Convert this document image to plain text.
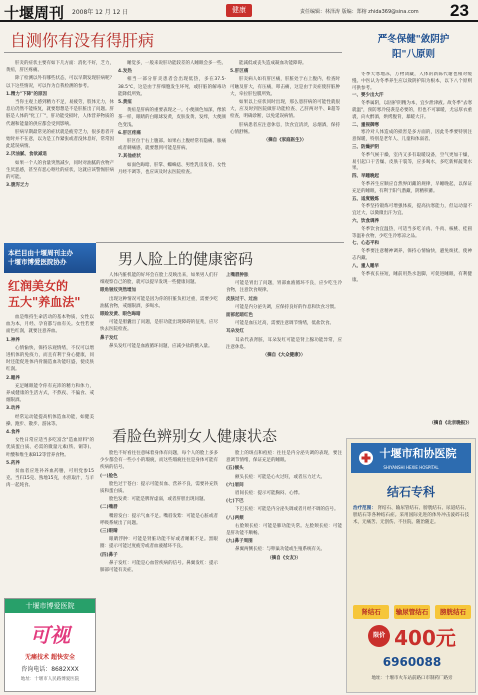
十堰周刊 2008年 12 月 12 日	健康	责任编辑：林泽涛 版编：郑榕 zhida369@sina.com 23
自测你有没有得肝病

肝炎的症状主要有如下几方面：消化不好，乏力，黄疸，肝区疼痛。

除了检测以外有哪些状态，可以早期发现肝病呢？以下这些情况，可以作为自我检测的参考。

1.精力"下降"的原因

当你主观上感到精力不足，易疲劳，肢体无力，休息后仍然不能恢复，就要想想是不是肝脏出了问题。肝脏是人体的"化工厂"，肝功能受损时，人体营养物质的代谢和能量的供应都会受到影响。

肝病早期最常见的症状就是疲劳乏力，很多患者开始时并不在意，以为是工作紧张或者没休息好，常常因此延误病情。

2.厌油腻、食欲减退

如果一个人的食量突然减少，同时对油腻的食物产生厌恶感，甚至有恶心呕吐的症状，这就应该警惕肝病的可能。

3.腹泻乏力

睡觉多，一般来说肝功能较差的人睡眠会多一些。

4.发热

相当一部分肝炎患者会出现低热，多在37.5-38.5℃，这是由于肝细胞发生坏死，或肝脏的解毒功能降低所致。

5.黄疸

黄疸是肝病的重要表现之一。小便颜色加深，像浓茶一样，眼睛的白眼球发黄，皮肤发黄、发痒，大便颜色变浅。

6.肝区疼痛

肝区位于右上腹部。如果右上腹经常有隐痛、胀痛或者刺痛感，就要想到可能是肝病。

7.其他症状

如面色晦暗、肝掌、蜘蛛痣、男性乳房发育、女性月经不调等，也应该及时去医院检查。

能减低或丧失造成凝血功能障碍。

5.肝区痛

肝炎病人如有肝区痛，肝脏处于右上腹内，检查时可触及肝大，有压痛，叩击痛，这是由于炎症使肝脏肿大，牵拉肝包膜所致。

如果以上症状同时出现，那么患肝病的可能性就很大，应及时到医院做肝功能检查、乙肝两对半、B超等检查，明确诊断，以免延误病情。

肝病患者应注意休息，饮食宜清淡，忌烟酒，保持心情舒畅。

（摘自《家庭医生》）

严冬保健"敛阴护
阳"八原则

冬季天寒地冻，万物闭藏，人体的新陈代谢也相对缓慢。中医认为冬季养生应以敛阴护阳为根本，以下八个原则可供参考。

一、要少出大汗

冬季属阴，以固护阴精为本，宜少泄津液。故冬季"去寒就温"，预防寒冷侵袭是必要的，但也不可暴暖，尤忌厚衣重裘，向火醉酒，烘烤腹背，暴暖大汗。

二、重视御寒

寒冷对人体造成的损害是多方面的，因此冬季要特别注意保暖，特别是老年人、儿童和体弱者。

三、防燥护阴

冬季气候干燥，室内又多有取暖设备，空气更加干燥，易引起口干舌燥、皮肤干裂等，应多喝水，多吃新鲜蔬菜水果。

四、早睡晚起

冬季养生应顺应自然界闭藏的规律，早睡晚起，以保证充足的睡眠，有利于阳气潜藏，阴精积蓄。

五、适度锻炼

冬季坚持锻炼可增强体质，提高抗寒能力，但运动量不宜过大，以微微出汗为宜。

六、饮食调养

冬季饮食宜温热，可适当多吃羊肉、牛肉、核桃、桂圆等温补食物，少吃生冷寒凉之品。

七、心态平和

冬季要注意精神调养，保持心情愉快，避免烦扰，使神志内藏。

八、重人睡早

冬季夜长昼短，睡前用热水泡脚，可促进睡眠，有利健康。

（摘自《北京晚报》）
本栏目由十堰周刊主办
十堰市博爱医院协办
红润美女的
五大"养血法"

血是维持生命活动的基本物质，女性以血为本，月经、孕育都与血有关。女性若要面色红润，就要注意养血。

1.神养

心情愉快，保持乐观情绪，不仅可以增进机体的免疫力，而且有利于身心健康，同时还能促进体内骨髓造血功能旺盛，使皮肤红润。

2.睡养

充足睡眠能令你有充沛的精力和体力，养成健康的生活方式，不熬夜、不偏食、戒烟限酒。

3.动养

经常运动能提高机体造血功能，如健美操、跑步、散步、游泳等。

4.食养

女性日常应适当多吃富含"造血原料"的优质蛋白质、必需的微量元素(铁、铜等)、叶酸和维生素B12等营养食物。

5.药养

贫血者应进补养血药膳，可用党参15克、当归15克、熟地15克，水煎取汁，与羊肉一起炖食。

男人脸上的健康密码

人体内脏机能的好坏会在脸上反映出来，如果男人们仔细观察自己的脸，就可以提早发现一些健康问题。

眼角皱纹突然增加

出现这种情况可能是因为你的肝脏负担过重，需要少吃油腻食物，戒烟限酒，多喝水。

眼睑发黄、眼色晦暗

可能是胆囊出了问题，是肝功能出现障碍的征兆，应尽快去医院检查。

鼻子发红

鼻头发红可能是血液循环问题，应减少盐的摄入量。

上嘴唇肿胀

可能是胃出了问题，胃部血液循环不良，应少吃生冷食物，注意饮食规律。

皮肤过干、过油

可能是内分泌失调，应保持良好的作息和饮食习惯。

面部起暗红色

可能是血压过高，需要注意调节情绪，低盐饮食。

耳朵发红

耳朵代表肾脏，耳朵发红可能是肾上腺功能异常，应注意休息。

（摘自《大众健康》）

看脸色辨别女人健康状态

脸色不好看往往意味着身体有问题，每个人的脸上多多少少都会有一些小小的瑕疵，而这些瑕疵往往是身体可能有疾病的信号。

(一)脸色

脸色过于苍白：提示可能贫血、营养不良，需要补充铁质和蛋白质。

脸色发黄：可能是脾胃虚弱，或者肝胆出现问题。

(二)嘴唇

嘴唇发白：提示气血不足。嘴唇发紫：可能是心脏或者呼吸系统出了问题。

(三)眼睛

眼睛浮肿：可能是肾脏功能不好或者睡眠不足。黑眼圈：提示可能过度疲劳或者血液循环不良。

(四)鼻子

鼻子发红：可能是心血管疾病的信号。鼻翼发红：提示肺部可能有炎症。

脸上的斑点和痘痘：往往是内分泌失调的表现，要注意调节情绪，保证充足的睡眠。

(五)额头

额头长痘：可能是心火过旺，或者压力过大。

(六)眉间

眉间长痘：提示可能胸闷、心悸。

(七)下巴

下巴长痘：可能是内分泌失调或者月经不调的信号。

(八)两颊

右脸颊长痘：可能是肺功能失常。左脸颊长痘：可能是肝功能不顺畅。

(九)鼻子周围

鼻翼两侧长痘：与卵巢功能或生殖系统有关。

（摘自《女友》）

十堰市博爱医院
可视
无痛技术 超快安全
咨询电话：8682XXX
地址：十堰市人民路博爱医院
十堰市和协医院
SHIYANSHI HEXIE HOSPITAL
结石专科
治疗范围： 肾结石、输尿管结石、膀胱结石、尿道结石、胆结石等各种结石症。采用国际先进的体外冲击波碎石技术，无痛苦、无创伤、不住院、随治随走。
肾结石	输尿管结石	膀胱结石
限价 400元
6960088
地址：十堰市火车站前路口市制药厂路旁
